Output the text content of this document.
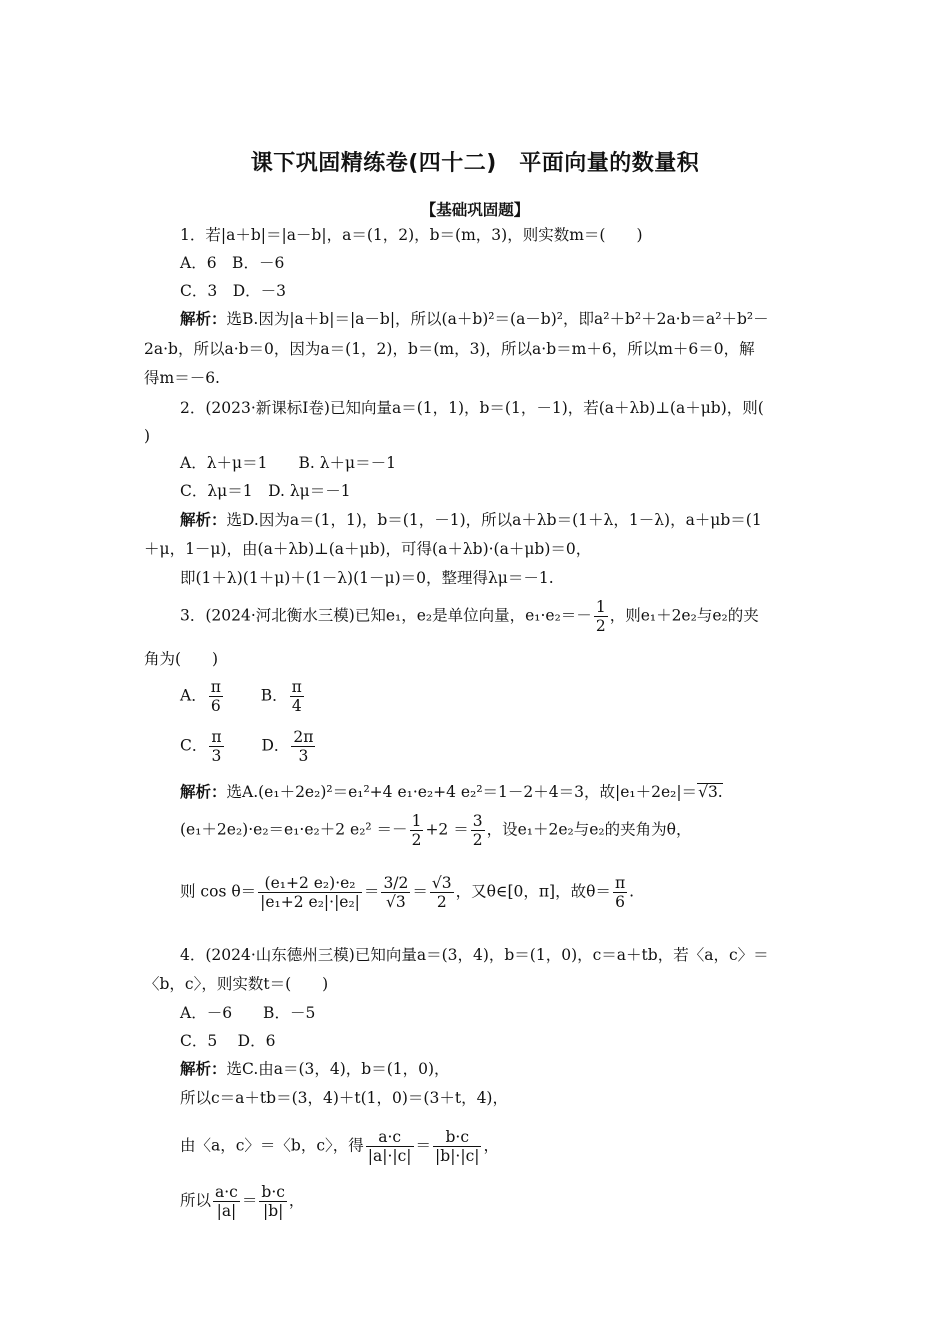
课下巩固精练卷(四十二)　平面向量的数量积
【基础巩固题】
1．若|a＋b|＝|a－b|，a＝(1，2)，b＝(m，3)，则实数m＝(　　)
A．6　B．－6
C．3　D．－3
解析：选B.因为|a＋b|＝|a－b|，所以(a＋b)²＝(a－b)²，即a²＋b²＋2a·b＝a²＋b²－
2a·b，所以a·b＝0，因为a＝(1，2)，b＝(m，3)，所以a·b＝m＋6，所以m＋6＝0，解
得m＝－6.
2．(2023·新课标Ⅰ卷)已知向量a＝(1，1)，b＝(1，－1)，若(a＋λb)⊥(a＋μb)，则(
)
A．λ＋μ＝1　　B. λ＋μ＝－1
C．λμ＝1　D. λμ＝－1
解析：选D.因为a＝(1，1)，b＝(1，－1)，所以a＋λb＝(1＋λ，1－λ)，a＋μb＝(1
＋μ，1－μ)，由(a＋λb)⊥(a＋μb)，可得(a＋λb)·(a＋μb)＝0，
即(1＋λ)(1＋μ)＋(1－λ)(1－μ)＝0，整理得λμ＝－1.
3．(2024·河北衡水三模)已知e₁，e₂是单位向量，$e_1\cdot e_2=- \frac{1}{2}$ ，则e₁＋2e₂与e₂的夹
角为(　　)
A． $\frac{\pi}{6}$ B． $\frac{\pi}{4}$
C． $\frac{\pi}{3}$ D． $\frac{2\pi}{3}$
解析：选A.(e₁＋2e₂)²＝e₁²+4 e₁·e₂+4 e₂²＝1－2＋4＝3，故|e₁＋2e₂|＝√3.
(e₁＋2e₂)·e₂＝e₁·e₂＋2 $e_2^2 =- \frac{1}{2} +2 = \frac{3}{2}$ ，设e₁＋2e₂与e₂的夹角为θ，
则 $\cos \theta= \frac{\text{(e₁+2 e₂)·e₂}}{\text{|e₁+2 e₂|·|e₂|}} = \frac{3/2}{√3} = \frac{√3}{2}$ ，又θ∈[0，π]，故$\theta= \frac{\pi}{6}$ .
4．(2024·山东德州三模)已知向量a＝(3，4)，b＝(1，0)，c＝a＋tb，若〈a，c〉＝
〈b，c〉，则实数t＝(　　)
A．－6　　B．－5
C．5　 D．6
解析：选C.由a＝(3，4)，b＝(1，0)，
所以c＝a＋tb＝(3，4)＋t(1，0)＝(3＋t，4)，
由〈a，c〉＝〈b，c〉，得 $\frac{a\cdot c}{|a|\cdot|c|} = \frac{b\cdot c}{|b|\cdot|c|}$ ，
所以 $\frac{a\cdot c}{|a|} = \frac{b\cdot c}{|b|}$ ，
